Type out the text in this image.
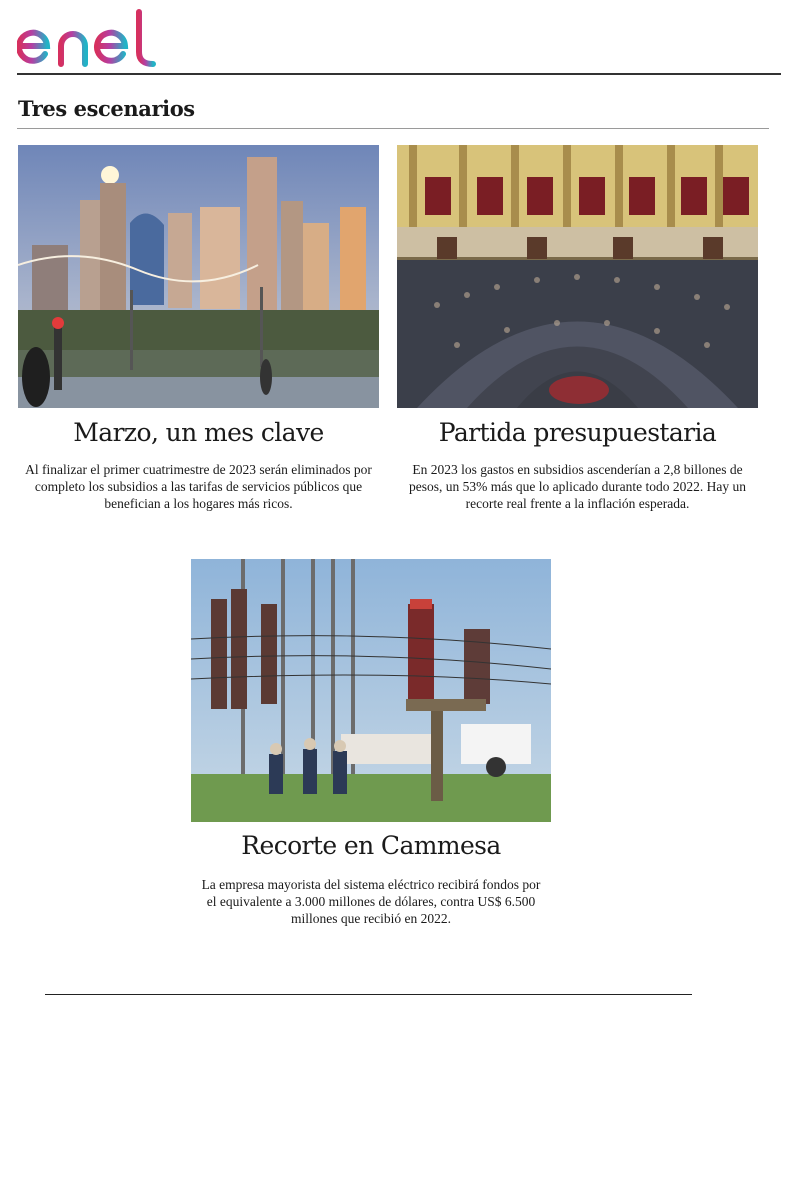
Tres escenarios
Marzo, un mes clave

Al finalizar el primer cuatrimestre de 2023 serán eliminados por completo los subsidios a las tarifas de servicios públicos que benefician a los hogares más ricos.

Partida presupuestaria

En 2023 los gastos en subsidios ascenderían a 2,8 billones de pesos, un 53% más que lo aplicado durante todo 2022. Hay un recorte real frente a la inflación esperada.

Recorte en Cammesa

La empresa mayorista del sistema eléctrico recibirá fondos por el equivalente a 3.000 millones de dólares, contra US$ 6.500 millones que recibió en 2022.
